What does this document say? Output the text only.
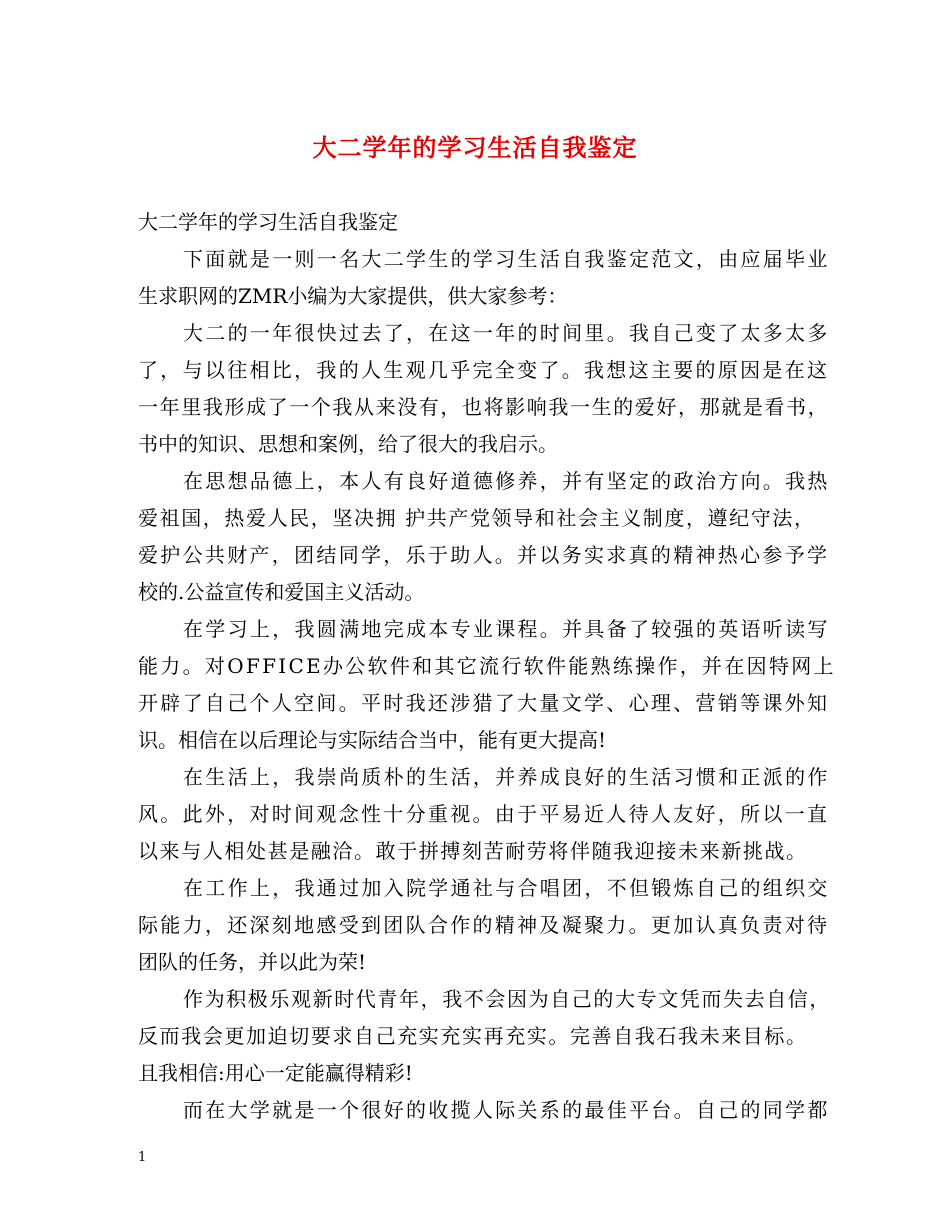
大二学年的学习生活自我鉴定
大二学年的学习生活自我鉴定
下面就是一则一名大二学生的学习生活自我鉴定范文，由应届毕业
生求职网的ZMR小编为大家提供，供大家参考：
大二的一年很快过去了，在这一年的时间里。我自己变了太多太多
了，与以往相比，我的人生观几乎完全变了。我想这主要的原因是在这
一年里我形成了一个我从来没有，也将影响我一生的爱好，那就是看书，
书中的知识、思想和案例，给了很大的我启示。
在思想品德上，本人有良好道德修养，并有坚定的政治方向。我热
爱祖国，热爱人民，坚决拥 护共产党领导和社会主义制度，遵纪守法，
爱护公共财产，团结同学，乐于助人。并以务实求真的精神热心参予学
校的.公益宣传和爱国主义活动。
在学习上，我圆满地完成本专业课程。并具备了较强的英语听读写
能力。对OFFICE办公软件和其它流行软件能熟练操作，并在因特网上
开辟了自己个人空间。平时我还涉猎了大量文学、心理、营销等课外知
识。相信在以后理论与实际结合当中，能有更大提高!
在生活上，我崇尚质朴的生活，并养成良好的生活习惯和正派的作
风。此外，对时间观念性十分重视。由于平易近人待人友好，所以一直
以来与人相处甚是融洽。敢于拼搏刻苦耐劳将伴随我迎接未来新挑战。
在工作上，我通过加入院学通社与合唱团，不但锻炼自己的组织交
际能力，还深刻地感受到团队合作的精神及凝聚力。更加认真负责对待
团队的任务，并以此为荣!
作为积极乐观新时代青年，我不会因为自己的大专文凭而失去自信，
反而我会更加迫切要求自己充实充实再充实。完善自我石我未来目标。
且我相信:用心一定能赢得精彩!
而在大学就是一个很好的收揽人际关系的最佳平台。自己的同学都
1
